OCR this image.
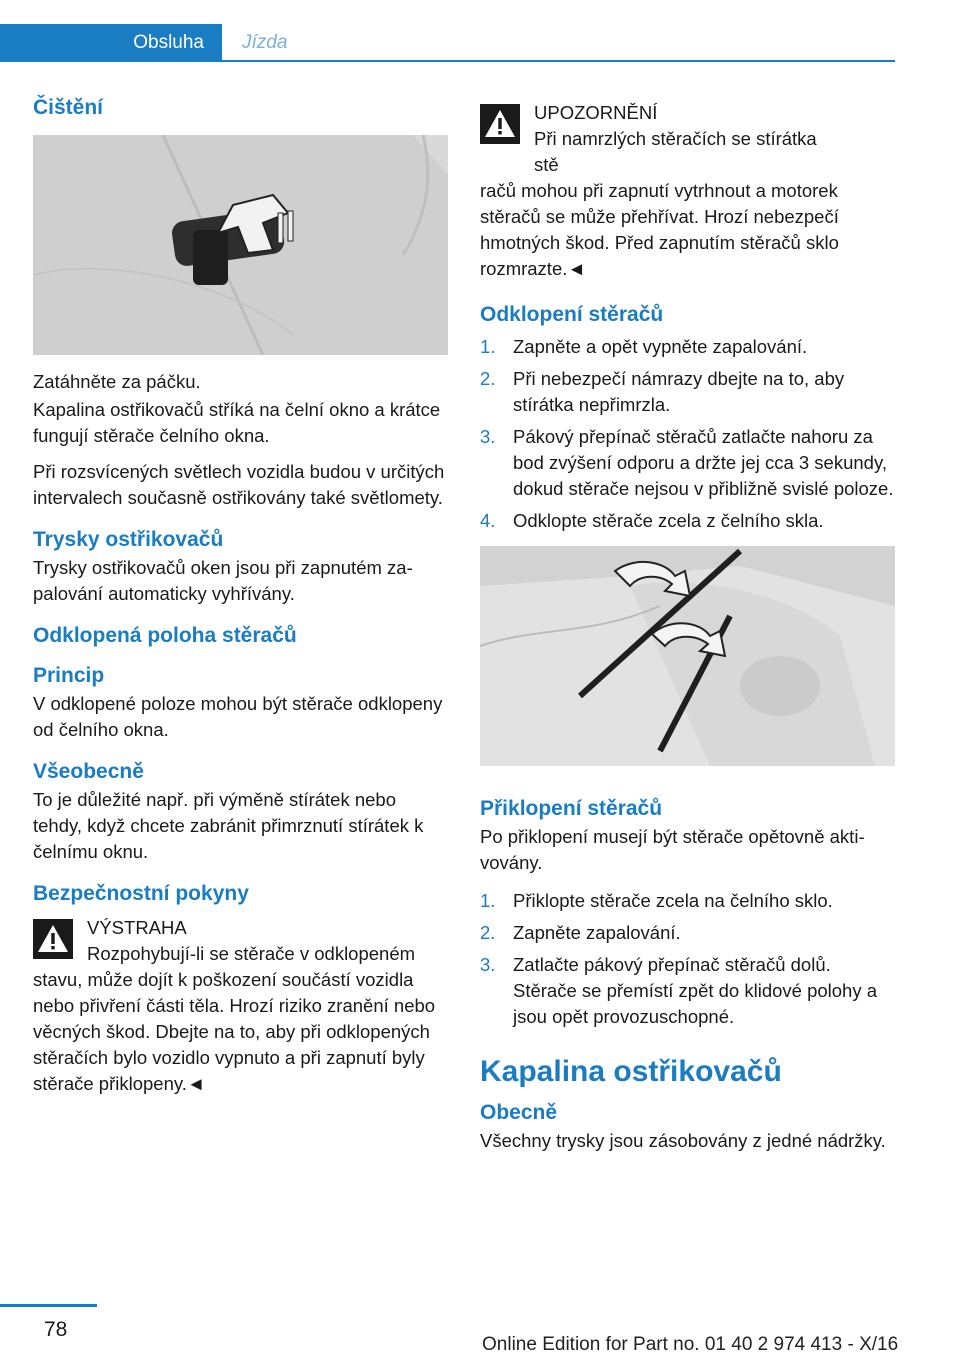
Obsluha	Jízda
Čištění

Zatáhněte za páčku.

Kapalina ostřikovačů stříká na čelní okno a krátce fungují stěrače čelního okna.

Při rozsvícených světlech vozidla budou v určitých intervalech současně ostřikovány také světlomety.

Trysky ostřikovačů

Trysky ostřikovačů oken jsou při zapnutém zapalování automaticky vyhřívány.

Odklopená poloha stěračů
Princip

V odklopené poloze mohou být stěrače odklopeny od čelního okna.

Všeobecně

To je důležité např. při výměně stírátek nebo tehdy, když chcete zabránit přimrznutí stírátek k čelnímu oknu.

Bezpečnostní pokyny

VÝSTRAHA

Rozpohybují-li se stěrače v odklopeném

stavu, může dojít k poškození součástí vozidla nebo přivření části těla. Hrozí riziko zranění nebo věcných škod. Dbejte na to, aby při odklopených stěračích bylo vozidlo vypnuto a při zapnutí byly stěrače přiklopeny.◄

UPOZORNĚNÍ

Při namrzlých stěračích se stírátka stě

račů mohou při zapnutí vytrhnout a motorek stěračů se může přehřívat. Hrozí nebezpečí hmotných škod. Před zapnutím stěračů sklo rozmrazte.◄

Odklopení stěračů
1. Zapněte a opět vypněte zapalování.
2. Při nebezpečí námrazy dbejte na to, aby stírátka nepřimrzla.
3. Pákový přepínač stěračů zatlačte nahoru za bod zvýšení odporu a držte jej cca 3 sekundy, dokud stěrače nejsou v přibližně svislé poloze.
4. Odklopte stěrače zcela z čelního skla.
Přiklopení stěračů

Po přiklopení musejí být stěrače opětovně aktivovány.

1. Přiklopte stěrače zcela na čelního sklo.
2. Zapněte zapalování.
3. Zatlačte pákový přepínač stěračů dolů. Stěrače se přemístí zpět do klidové polohy a jsou opět provozuschopné.
Kapalina ostřikovačů
Obecně

Všechny trysky jsou zásobovány z jedné nádržky.

78
Online Edition for Part no. 01 40 2 974 413 - X/16
